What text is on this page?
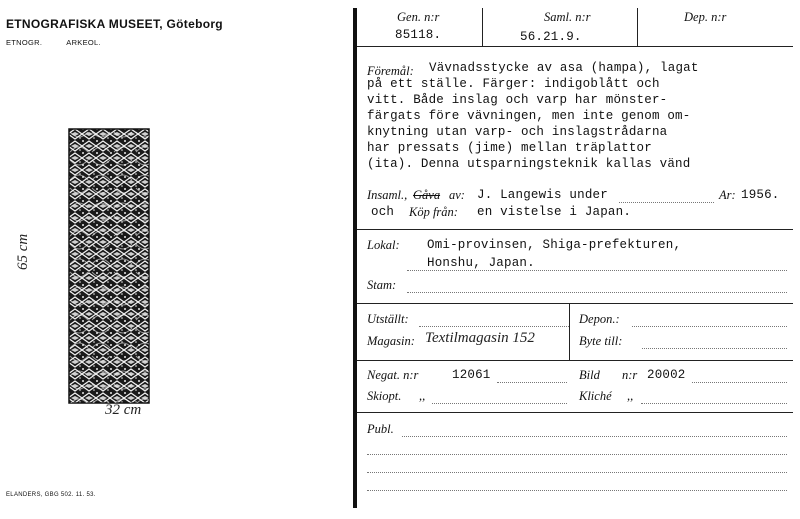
ETNOGRAFISKA MUSEET, Göteborg
ETNOGR.	ARKEOL.
65 cm
32 cm
ELANDERS, GBG 502. 11. 53.
Gen. n:r
85118.
Saml. n:r
56.21.9.
Dep. n:r
Föremål:	Vävnadsstycke av asa (hampa), lagat
på ett ställe. Färger: indigoblått och
vitt. Både inslag och varp har mönster-
färgats före vävningen, men inte genom om-
knytning utan varp- och inslagstrådarna
har pressats (jime) mellan träplattor
(ita). Denna utsparningsteknik kallas vänd
Insaml., Gåva av: J. Langewis under	Ar: 1956.
och Köp från: en vistelse i Japan.
Lokal: Omi-provinsen, Shiga-prefekturen,
Honshu, Japan.
Stam:
Utställt:
Magasin: Textilmagasin 152
Depon.:
Byte till:
Negat. n:r	12061	Bild n:r 20002
Skiopt. ,,	Kliché ,,
Publ.
